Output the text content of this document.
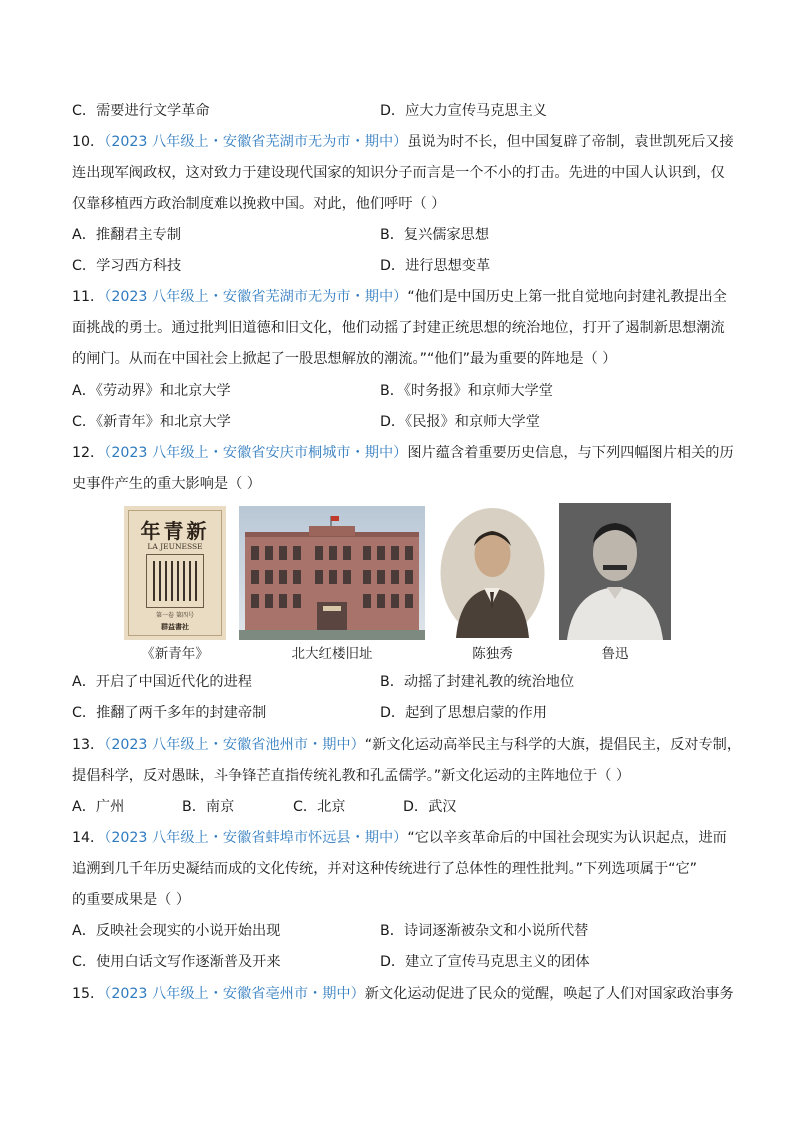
C．需要进行文学革命	D．应大力宣传马克思主义
10．（2023 八年级上・安徽省芜湖市无为市・期中）虽说为时不长，但中国复辟了帝制，袁世凯死后又接
连出现军阀政权，这对致力于建设现代国家的知识分子而言是一个不小的打击。先进的中国人认识到，仅
仅靠移植西方政治制度难以挽救中国。对此，他们呼吁（ ）
A．推翻君主专制	B．复兴儒家思想
C．学习西方科技	D．进行思想变革
11．（2023 八年级上・安徽省芜湖市无为市・期中）“他们是中国历史上第一批自觉地向封建礼教提出全
面挑战的勇士。通过批判旧道德和旧文化，他们动摇了封建正统思想的统治地位，打开了遏制新思想潮流
的闸门。从而在中国社会上掀起了一股思想解放的潮流。”“他们”最为重要的阵地是（ ）
A．《劳动界》和北京大学	B．《时务报》和京师大学堂
C．《新青年》和北京大学	D．《民报》和京师大学堂
12．（2023 八年级上・安徽省安庆市桐城市・期中）图片蕴含着重要历史信息，与下列四幅图片相关的历
史事件产生的重大影响是（ ）
年青新
LA JEUNESSE
第一卷 第四号
群益書社
《新青年》	北大红楼旧址	陈独秀	鲁迅
A．开启了中国近代化的进程	B．动摇了封建礼教的统治地位
C．推翻了两千多年的封建帝制	D．起到了思想启蒙的作用
13．（2023 八年级上・安徽省池州市・期中）“新文化运动高举民主与科学的大旗，提倡民主，反对专制，
提倡科学，反对愚昧，斗争锋芒直指传统礼教和孔孟儒学。”新文化运动的主阵地位于（ ）
A．广州	B．南京	C．北京	D．武汉
14．（2023 八年级上・安徽省蚌埠市怀远县・期中）“它以辛亥革命后的中国社会现实为认识起点，进而
追溯到几千年历史凝结而成的文化传统，并对这种传统进行了总体性的理性批判。”下列选项属于“它”
的重要成果是（ ）
A．反映社会现实的小说开始出现	B．诗词逐渐被杂文和小说所代替
C．使用白话文写作逐渐普及开来	D．建立了宣传马克思主义的团体
15．（2023 八年级上・安徽省亳州市・期中）新文化运动促进了民众的觉醒，唤起了人们对国家政治事务
